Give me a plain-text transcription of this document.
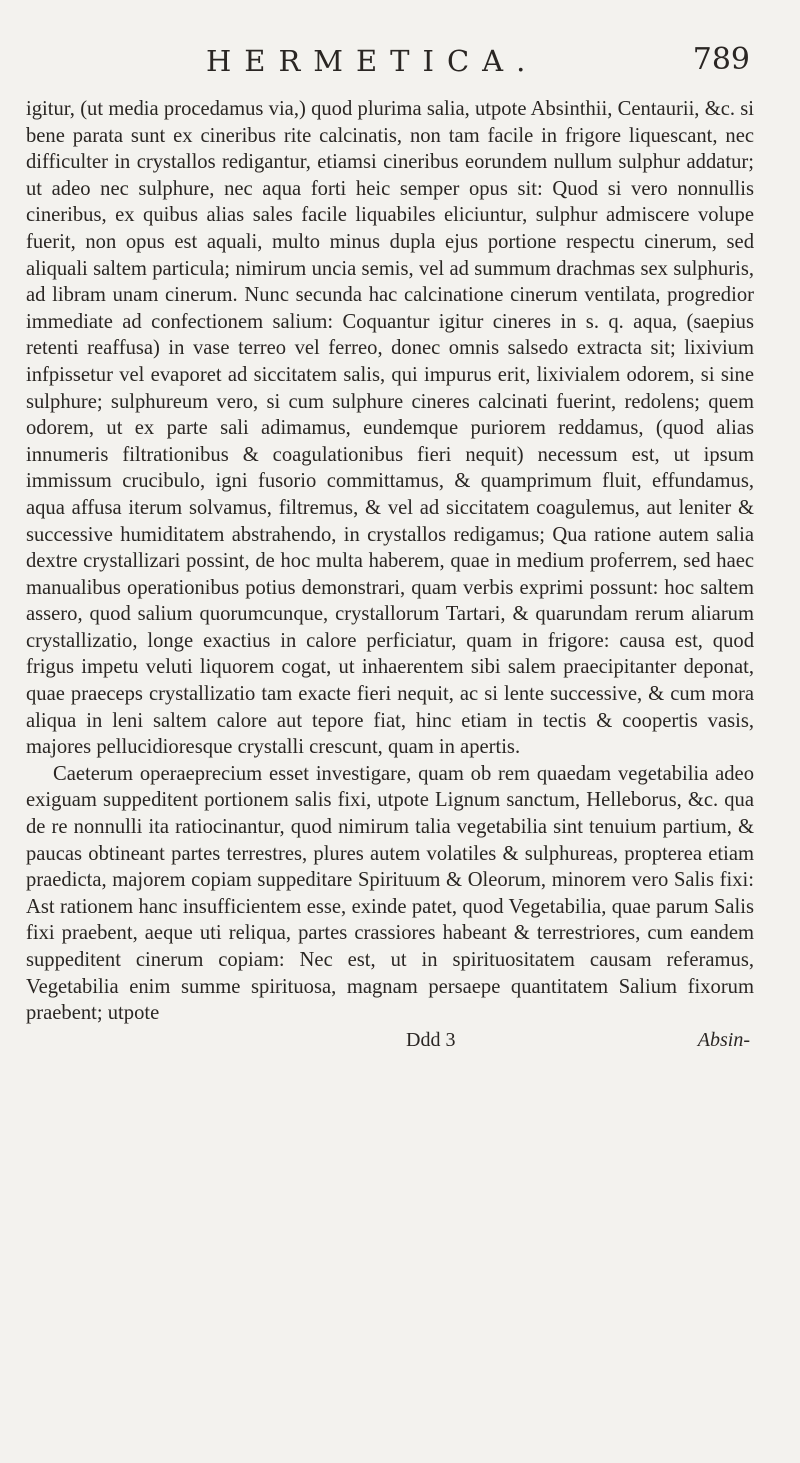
HERMETICA.	789

igitur, (ut media procedamus via,) quod plurima salia, utpote Absinthii, Centaurii, &c. si bene parata sunt ex cineribus rite calcinatis, non tam facile in frigore liquescant, nec difficulter in crystallos redigantur, etiamsi cineribus eorundem nullum sulphur addatur; ut adeo nec sulphure, nec aqua forti heic semper opus sit: Quod si vero nonnullis cineribus, ex quibus alias sales facile liquabiles eliciuntur, sulphur admiscere volupe fuerit, non opus est aquali, multo minus dupla ejus portione respectu cinerum, sed aliquali saltem particula; nimirum uncia semis, vel ad summum drachmas sex sulphuris, ad libram unam cinerum. Nunc secunda hac calcinatione cinerum ventilata, progredior immediate ad confectionem salium: Coquantur igitur cineres in s. q. aqua, (saepius retenti reaffusa) in vase terreo vel ferreo, donec omnis salsedo extracta sit; lixivium infpissetur vel evaporet ad siccitatem salis, qui impurus erit, lixivialem odorem, si sine sulphure; sulphureum vero, si cum sulphure cineres calcinati fuerint, redolens; quem odorem, ut ex parte sali adimamus, eundemque puriorem reddamus, (quod alias innumeris filtrationibus & coagulationibus fieri nequit) necessum est, ut ipsum immissum crucibulo, igni fusorio committamus, & quamprimum fluit, effundamus, aqua affusa iterum solvamus, filtremus, & vel ad siccitatem coagulemus, aut leniter & successive humiditatem abstrahendo, in crystallos redigamus; Qua ratione autem salia dextre crystallizari possint, de hoc multa haberem, quae in medium proferrem, sed haec manualibus operationibus potius demonstrari, quam verbis exprimi possunt: hoc saltem assero, quod salium quorumcunque, crystallorum Tartari, & quarundam rerum aliarum crystallizatio, longe exactius in calore perficiatur, quam in frigore: causa est, quod frigus impetu veluti liquorem cogat, ut inhaerentem sibi salem praecipitanter deponat, quae praeceps crystallizatio tam exacte fieri nequit, ac si lente successive, & cum mora aliqua in leni saltem calore aut tepore fiat, hinc etiam in tectis & coopertis vasis, majores pellucidioresque crystalli crescunt, quam in apertis.

Caeterum operaeprecium esset investigare, quam ob rem quaedam vegetabilia adeo exiguam suppeditent portionem salis fixi, utpote Lignum sanctum, Helleborus, &c. qua de re nonnulli ita ratiocinantur, quod nimirum talia vegetabilia sint tenuium partium, & paucas obtineant partes terrestres, plures autem volatiles & sulphureas, propterea etiam praedicta, majorem copiam suppeditare Spirituum & Oleorum, minorem vero Salis fixi: Ast rationem hanc insufficientem esse, exinde patet, quod Vegetabilia, quae parum Salis fixi praebent, aeque uti reliqua, partes crassiores habeant & terrestriores, cum eandem suppeditent cinerum copiam: Nec est, ut in spirituositatem causam referamus, Vegetabilia enim summe spirituosa, magnam persaepe quantitatem Salium fixorum praebent; utpote

Ddd 3	Absin-
